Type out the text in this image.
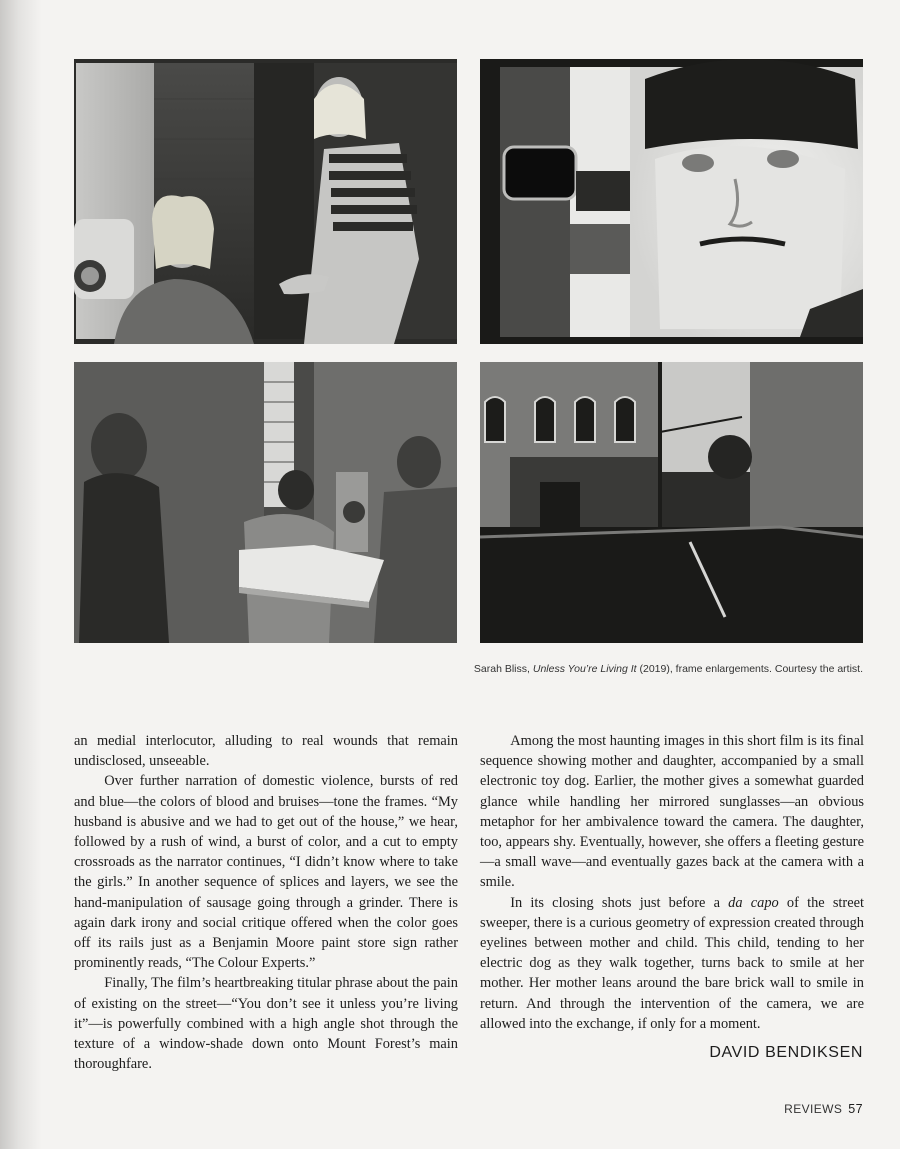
Sarah Bliss, Unless You’re Living It (2019), frame enlargements. Courtesy the artist.

an medial interlocutor, alluding to real wounds that remain undisclosed, unseeable.

Over further narration of domestic violence, bursts of red and blue—the colors of blood and bruises—tone the frames. “My husband is abusive and we had to get out of the house,” we hear, followed by a rush of wind, a burst of color, and a cut to empty crossroads as the narrator continues, “I didn’t know where to take the girls.” In another sequence of splices and layers, we see the hand-manipulation of sausage going through a grinder. There is again dark irony and social critique offered when the color goes off its rails just as a Benjamin Moore paint store sign rather prominently reads, “The Colour Experts.”

Finally, The film’s heartbreaking titular phrase about the pain of existing on the street—“You don’t see it unless you’re living it”—is powerfully combined with a high angle shot through the texture of a window-shade down onto Mount Forest’s main thoroughfare.

Among the most haunting images in this short film is its final sequence showing mother and daughter, accompanied by a small electronic toy dog. Earlier, the mother gives a somewhat guarded glance while handling her mirrored sunglasses—an obvious metaphor for her ambivalence toward the camera. The daughter, too, appears shy. Eventually, however, she offers a fleeting gesture—a small wave—and eventually gazes back at the camera with a smile.

In its closing shots just before a da capo of the street sweeper, there is a curious geometry of expression created through eyelines between mother and child. This child, tending to her electric dog as they walk together, turns back to smile at her mother. Her mother leans around the bare brick wall to smile in return. And through the intervention of the camera, we are allowed into the exchange, if only for a moment.

DAVID BENDIKSEN
REVIEWS 57
